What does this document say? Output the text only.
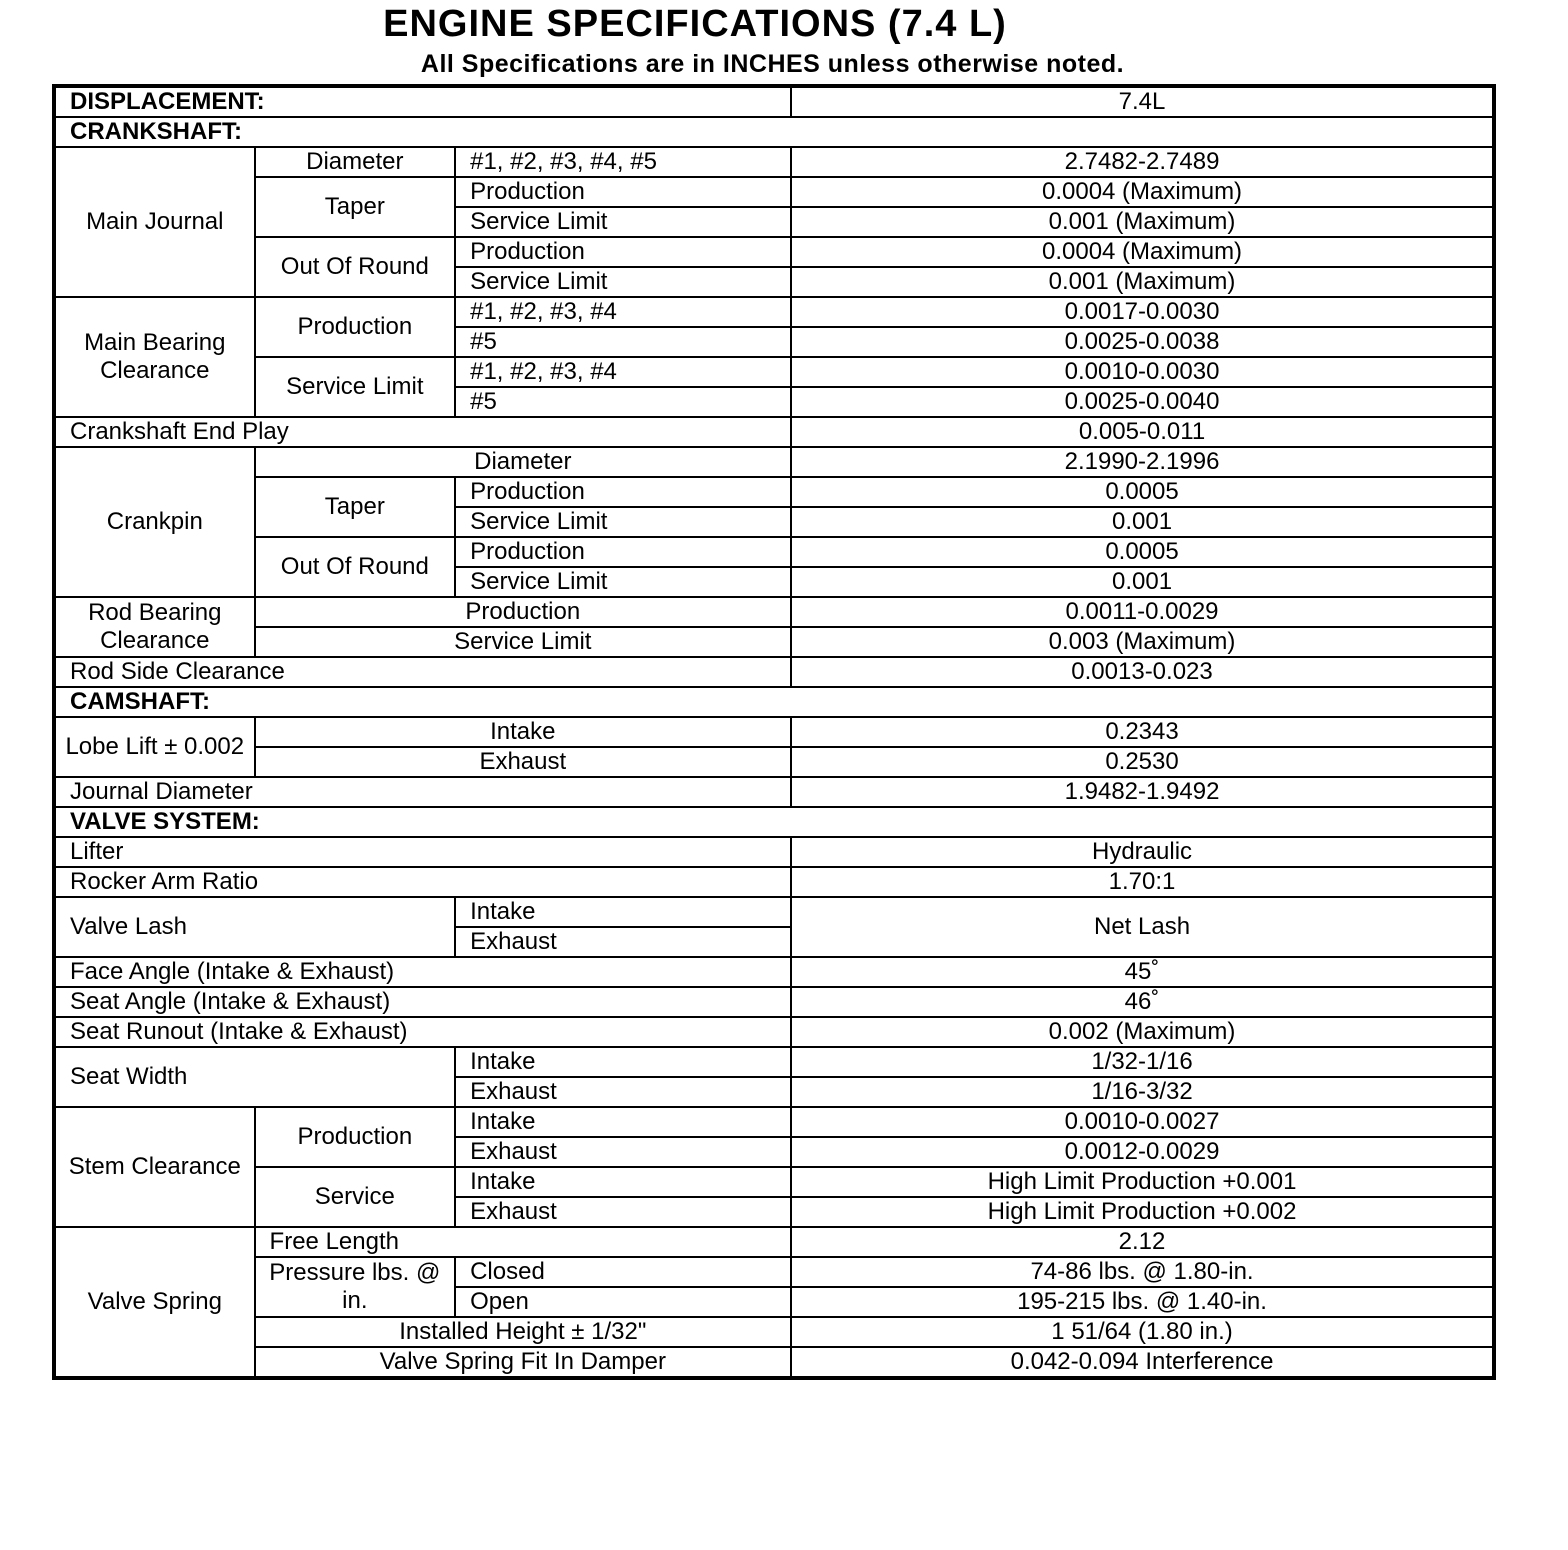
ENGINE SPECIFICATIONS (7.4 L)
All Specifications are in INCHES unless otherwise noted.
DISPLACEMENT:			7.4L
CRANKSHAFT:			
Main Journal	Diameter	#1, #2, #3, #4, #5	2.7482-2.7489
	Taper	Production	0.0004 (Maximum)
		Service Limit	0.001 (Maximum)
	Out Of Round	Production	0.0004 (Maximum)
		Service Limit	0.001 (Maximum)
Main Bearing Clearance	Production	#1, #2, #3, #4	0.0017-0.0030
		#5	0.0025-0.0038
	Service Limit	#1, #2, #3, #4	0.0010-0.0030
		#5	0.0025-0.0040
Crankshaft End Play			0.005-0.011
Crankpin	Diameter		2.1990-2.1996
	Taper	Production	0.0005
		Service Limit	0.001
	Out Of Round	Production	0.0005
		Service Limit	0.001
Rod Bearing Clearance	Production		0.0011-0.0029
	Service Limit		0.003 (Maximum)
Rod Side Clearance			0.0013-0.023
CAMSHAFT:			
Lobe Lift ± 0.002	Intake		0.2343
	Exhaust		0.2530
Journal Diameter			1.9482-1.9492
VALVE SYSTEM:			
Lifter			Hydraulic
Rocker Arm Ratio			1.70:1
Valve Lash		Intake	Net Lash
		Exhaust	
Face Angle (Intake & Exhaust)			45˚
Seat Angle (Intake & Exhaust)			46˚
Seat Runout (Intake & Exhaust)			0.002 (Maximum)
Seat Width		Intake	1/32-1/16
		Exhaust	1/16-3/32
Stem Clearance	Production	Intake	0.0010-0.0027
		Exhaust	0.0012-0.0029
	Service	Intake	High Limit Production +0.001
		Exhaust	High Limit Production +0.002
Valve Spring	Free Length		2.12
	Pressure lbs. @ in.	Closed	74-86 lbs. @ 1.80-in.
		Open	195-215 lbs. @ 1.40-in.
	Installed Height ± 1/32"		1 51/64 (1.80 in.)
	Valve Spring Fit In Damper		0.042-0.094 Interference
